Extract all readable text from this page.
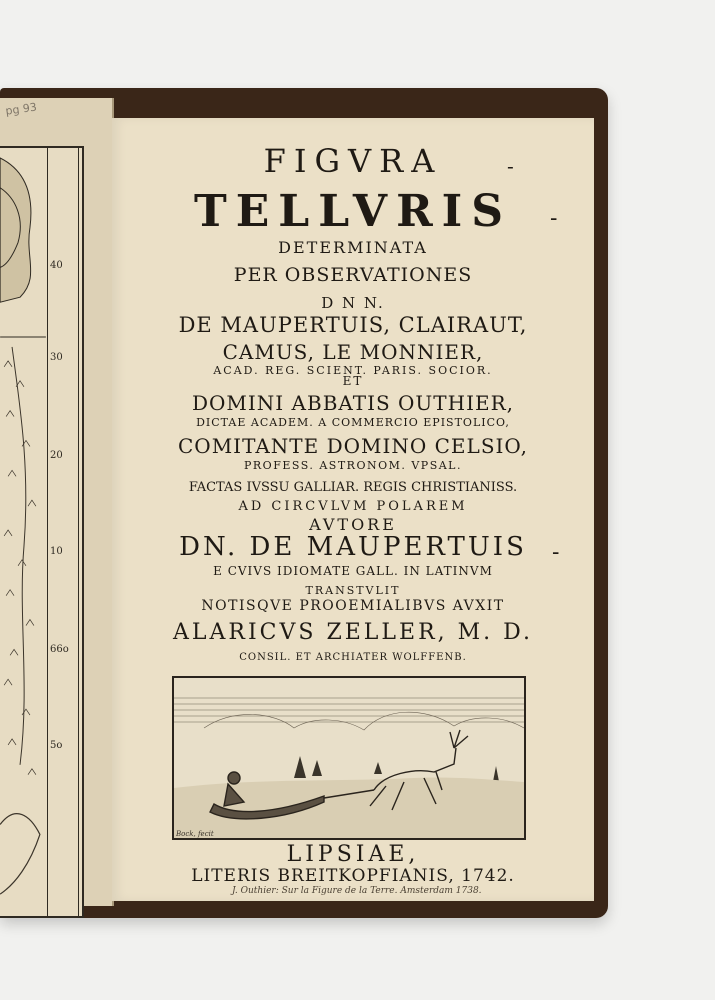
pg 93
40
30
20
10
66o
5o
FIGVRA
TELLVRIS
DETERMINATA
PER OBSERVATIONES
D N N.
DE MAUPERTUIS, CLAIRAUT,
CAMUS, LE MONNIER,
ACAD. REG. SCIENT. PARIS. SOCIOR.
ET
DOMINI ABBATIS OUTHIER,
DICTAE ACADEM. A COMMERCIO EPISTOLICO,
COMITANTE DOMINO CELSIO,
PROFESS. ASTRONOM. VPSAL.
FACTAS IVSSU GALLIAR. REGIS CHRISTIANISS.
AD CIRCVLVM POLAREM
AVTORE
DN. DE MAUPERTUIS
E CVIVS IDIOMATE GALL. IN LATINVM
TRANSTVLIT
NOTISQVE PROOEMIALIBVS AVXIT
ALARICVS ZELLER, M. D.
CONSIL. ET ARCHIATER WOLFFENB.
-
-
-
Bock, fecit
LIPSIAE,
LITERIS BREITKOPFIANIS, 1742.
J. Outhier: Sur la Figure de la Terre. Amsterdam 1738.
